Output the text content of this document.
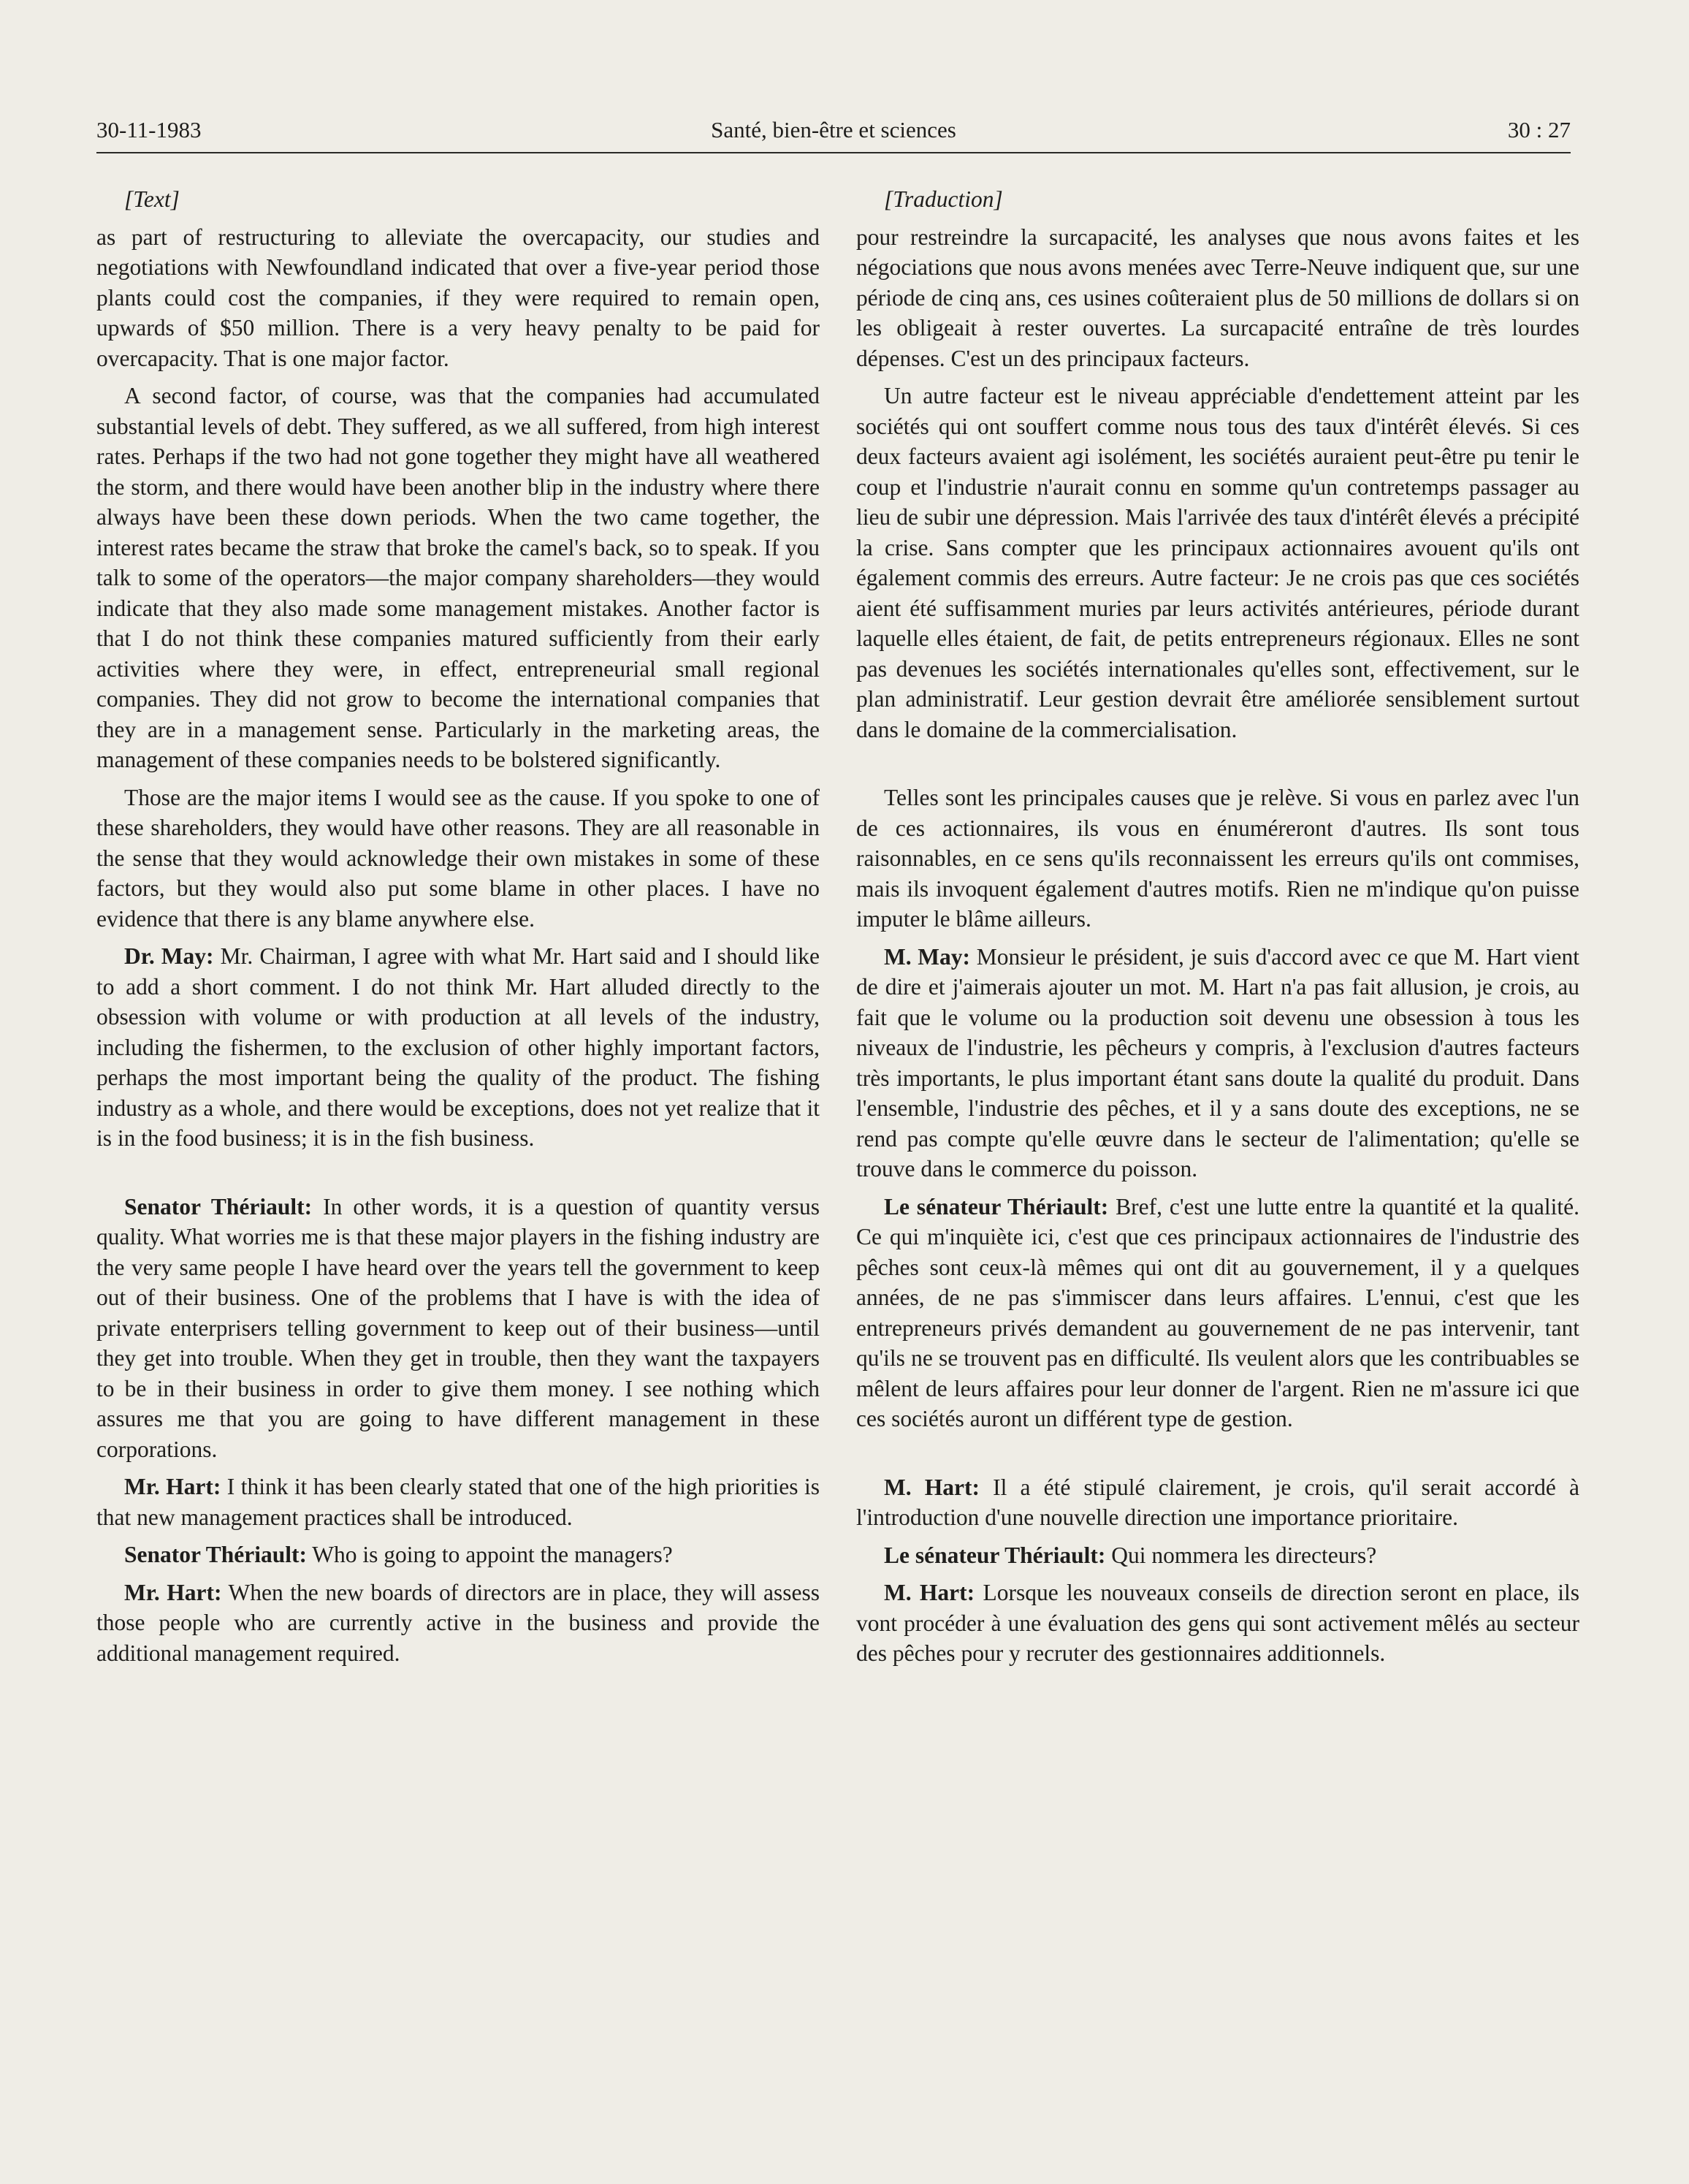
30-11-1983	Santé, bien-être et sciences	30 : 27

[Text]

as part of restructuring to alleviate the overcapacity, our studies and negotiations with Newfoundland indicated that over a five-year period those plants could cost the companies, if they were required to remain open, upwards of $50 million. There is a very heavy penalty to be paid for overcapacity. That is one major factor.

A second factor, of course, was that the companies had accumulated substantial levels of debt. They suffered, as we all suffered, from high interest rates. Perhaps if the two had not gone together they might have all weathered the storm, and there would have been another blip in the industry where there always have been these down periods. When the two came together, the interest rates became the straw that broke the camel's back, so to speak. If you talk to some of the operators—the major company shareholders—they would indicate that they also made some management mistakes. Another factor is that I do not think these companies matured sufficiently from their early activities where they were, in effect, entrepreneurial small regional companies. They did not grow to become the international companies that they are in a management sense. Particularly in the marketing areas, the management of these companies needs to be bolstered significantly.

Those are the major items I would see as the cause. If you spoke to one of these shareholders, they would have other reasons. They are all reasonable in the sense that they would acknowledge their own mistakes in some of these factors, but they would also put some blame in other places. I have no evidence that there is any blame anywhere else.

Dr. May: Mr. Chairman, I agree with what Mr. Hart said and I should like to add a short comment. I do not think Mr. Hart alluded directly to the obsession with volume or with production at all levels of the industry, including the fishermen, to the exclusion of other highly important factors, perhaps the most important being the quality of the product. The fishing industry as a whole, and there would be exceptions, does not yet realize that it is in the food business; it is in the fish business.

Senator Thériault: In other words, it is a question of quantity versus quality. What worries me is that these major players in the fishing industry are the very same people I have heard over the years tell the government to keep out of their business. One of the problems that I have is with the idea of private enterprisers telling government to keep out of their business—until they get into trouble. When they get in trouble, then they want the taxpayers to be in their business in order to give them money. I see nothing which assures me that you are going to have different management in these corporations.

Mr. Hart: I think it has been clearly stated that one of the high priorities is that new management practices shall be introduced.

Senator Thériault: Who is going to appoint the managers?

Mr. Hart: When the new boards of directors are in place, they will assess those people who are currently active in the business and provide the additional management required.

[Traduction]

pour restreindre la surcapacité, les analyses que nous avons faites et les négociations que nous avons menées avec Terre-Neuve indiquent que, sur une période de cinq ans, ces usines coûteraient plus de 50 millions de dollars si on les obligeait à rester ouvertes. La surcapacité entraîne de très lourdes dépenses. C'est un des principaux facteurs.

Un autre facteur est le niveau appréciable d'endettement atteint par les sociétés qui ont souffert comme nous tous des taux d'intérêt élevés. Si ces deux facteurs avaient agi isolément, les sociétés auraient peut-être pu tenir le coup et l'industrie n'aurait connu en somme qu'un contretemps passager au lieu de subir une dépression. Mais l'arrivée des taux d'intérêt élevés a précipité la crise. Sans compter que les principaux actionnaires avouent qu'ils ont également commis des erreurs. Autre facteur: Je ne crois pas que ces sociétés aient été suffisamment muries par leurs activités antérieures, période durant laquelle elles étaient, de fait, de petits entrepreneurs régionaux. Elles ne sont pas devenues les sociétés internationales qu'elles sont, effectivement, sur le plan administratif. Leur gestion devrait être améliorée sensiblement surtout dans le domaine de la commercialisation.

Telles sont les principales causes que je relève. Si vous en parlez avec l'un de ces actionnaires, ils vous en énuméreront d'autres. Ils sont tous raisonnables, en ce sens qu'ils reconnaissent les erreurs qu'ils ont commises, mais ils invoquent également d'autres motifs. Rien ne m'indique qu'on puisse imputer le blâme ailleurs.

M. May: Monsieur le président, je suis d'accord avec ce que M. Hart vient de dire et j'aimerais ajouter un mot. M. Hart n'a pas fait allusion, je crois, au fait que le volume ou la production soit devenu une obsession à tous les niveaux de l'industrie, les pêcheurs y compris, à l'exclusion d'autres facteurs très importants, le plus important étant sans doute la qualité du produit. Dans l'ensemble, l'industrie des pêches, et il y a sans doute des exceptions, ne se rend pas compte qu'elle œuvre dans le secteur de l'alimentation; qu'elle se trouve dans le commerce du poisson.

Le sénateur Thériault: Bref, c'est une lutte entre la quantité et la qualité. Ce qui m'inquiète ici, c'est que ces principaux actionnaires de l'industrie des pêches sont ceux-là mêmes qui ont dit au gouvernement, il y a quelques années, de ne pas s'immiscer dans leurs affaires. L'ennui, c'est que les entrepreneurs privés demandent au gouvernement de ne pas intervenir, tant qu'ils ne se trouvent pas en difficulté. Ils veulent alors que les contribuables se mêlent de leurs affaires pour leur donner de l'argent. Rien ne m'assure ici que ces sociétés auront un différent type de gestion.

M. Hart: Il a été stipulé clairement, je crois, qu'il serait accordé à l'introduction d'une nouvelle direction une importance prioritaire.

Le sénateur Thériault: Qui nommera les directeurs?

M. Hart: Lorsque les nouveaux conseils de direction seront en place, ils vont procéder à une évaluation des gens qui sont activement mêlés au secteur des pêches pour y recruter des gestionnaires additionnels.
